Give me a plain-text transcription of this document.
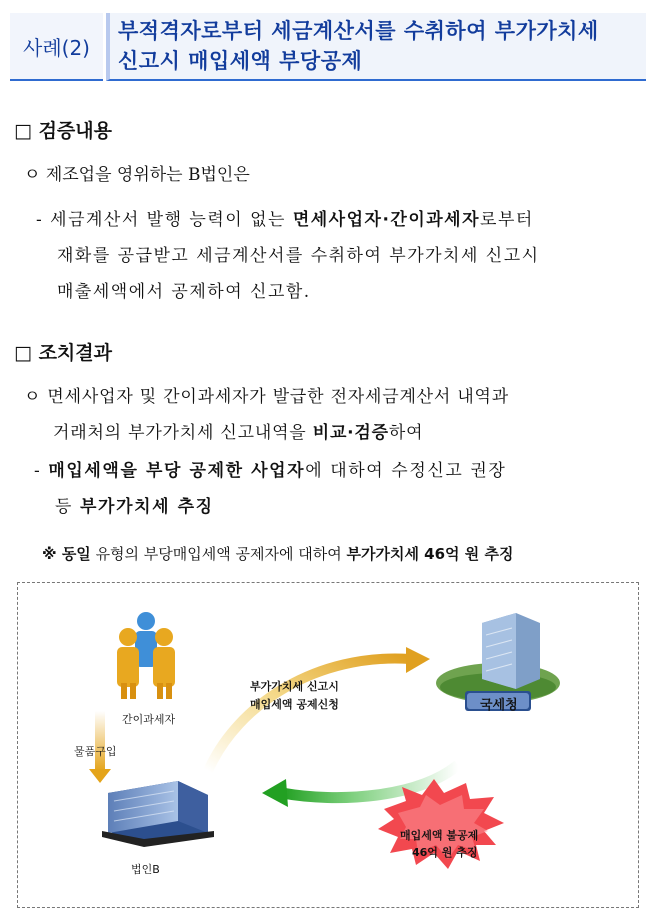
사례(2)
부적격자로부터 세금계산서를 수취하여 부가가치세
신고시 매입세액 부당공제
□ 검증내용
ㅇ 제조업을 영위하는 B법인은
- 세금계산서 발행 능력이 없는 면세사업자·간이과세자로부터
재화를 공급받고 세금계산서를 수취하여 부가가치세 신고시
매출세액에서 공제하여 신고함.
□ 조치결과
ㅇ 면세사업자 및 간이과세자가 발급한 전자세금계산서 내역과
거래처의 부가가치세 신고내역을 비교·검증하여
- 매입세액을 부당 공제한 사업자에 대하여 수정신고 권장
등 부가가치세 추징
※ 동일 유형의 부당매입세액 공제자에 대하여 부가가치세 46억 원 추징
간이과세자
물품구입
법인B
부가가치세 신고시
매입세액 공제신청	국세청
매입세액 불공제
46억 원 추징
